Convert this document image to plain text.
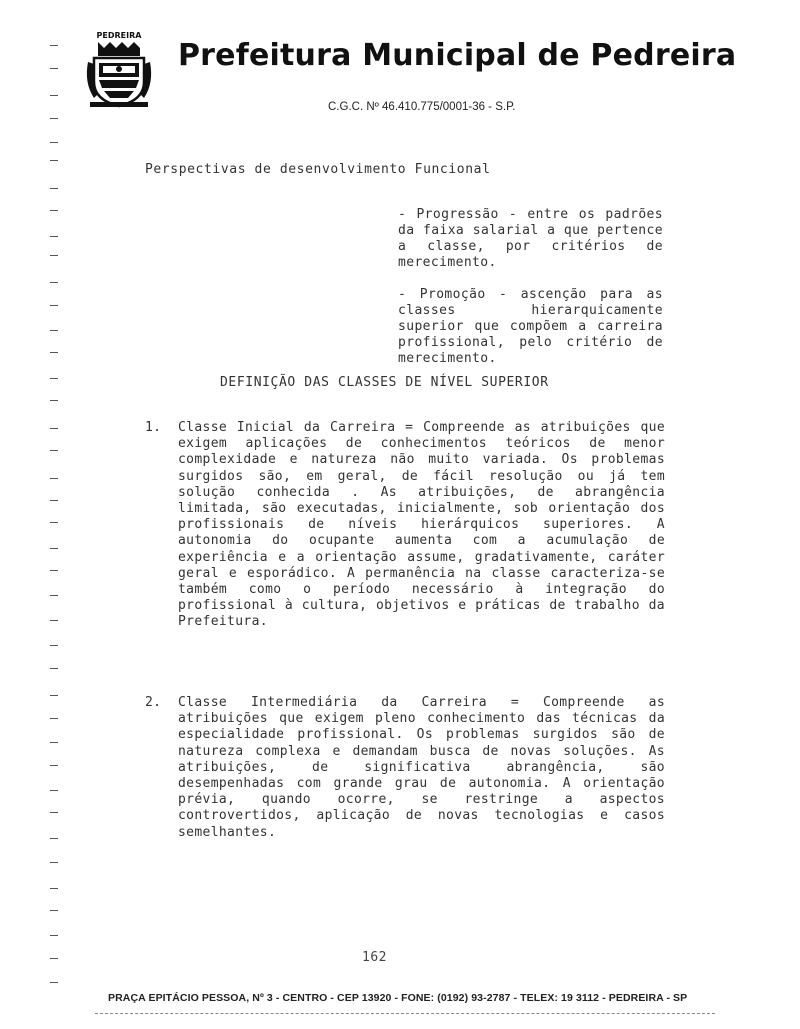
PEDREIRA
Prefeitura Municipal de Pedreira
C.G.C. Nº 46.410.775/0001-36 - S.P.
Perspectivas de desenvolvimento Funcional
- Progressão - entre os padrões da faixa salarial a que pertence a classe, por critérios de merecimento.
- Promoção - ascenção para as classes hierarquicamente superior que compõem a carreira profissional, pelo critério de merecimento.
DEFINIÇÃO DAS CLASSES DE NÍVEL SUPERIOR
1. Classe Inicial da Carreira = Compreende as atribuições que exigem aplicações de conhecimentos teóricos de menor complexidade e natureza não muito variada. Os problemas surgidos são, em geral, de fácil resolução ou já tem solução conhecida . As atribuições, de abrangência limitada, são executadas, inicialmente, sob orientação dos profissionais de níveis hierárquicos superiores. A autonomia do ocupante aumenta com a acumulação de experiência e a orientação assume, gradativamente, caráter geral e esporádico. A permanência na classe caracteriza-se também como o período necessário à integração do profissional à cultura, objetivos e práticas de trabalho da Prefeitura.
2. Classe Intermediária da Carreira = Compreende as atribuições que exigem pleno conhecimento das técnicas da especialidade profissional. Os problemas surgidos são de natureza complexa e demandam busca de novas soluções. As atribuições, de significativa abrangência, são desempenhadas com grande grau de autonomia. A orientação prévia, quando ocorre, se restringe a aspectos controvertidos, aplicação de novas tecnologias e casos semelhantes.
162
PRAÇA EPITÁCIO PESSOA, Nº 3 - CENTRO - CEP 13920 - FONE: (0192) 93-2787 - TELEX: 19 3112 - PEDREIRA - SP
